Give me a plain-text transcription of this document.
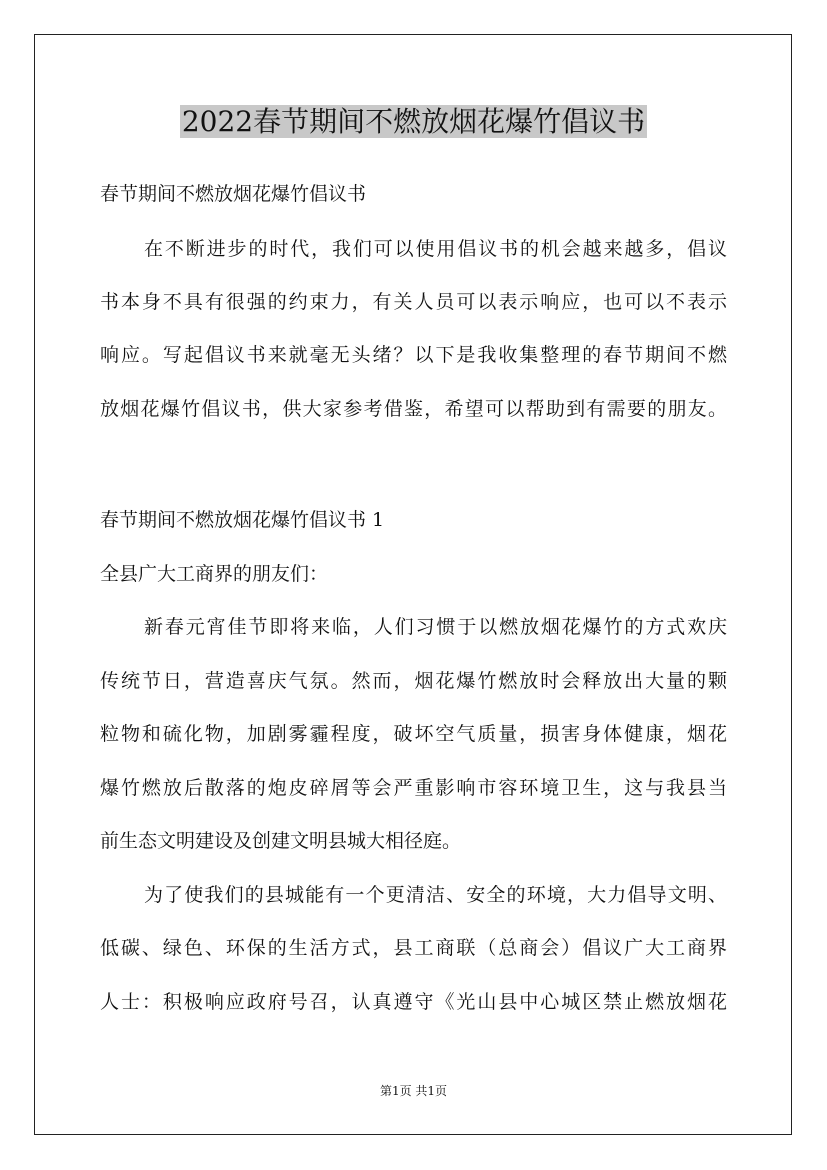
2022春节期间不燃放烟花爆竹倡议书
春节期间不燃放烟花爆竹倡议书
在不断进步的时代，我们可以使用倡议书的机会越来越多，倡议
书本身不具有很强的约束力，有关人员可以表示响应，也可以不表示
响应。写起倡议书来就毫无头绪？以下是我收集整理的春节期间不燃
放烟花爆竹倡议书，供大家参考借鉴，希望可以帮助到有需要的朋友。
春节期间不燃放烟花爆竹倡议书 1
全县广大工商界的朋友们：
新春元宵佳节即将来临，人们习惯于以燃放烟花爆竹的方式欢庆
传统节日，营造喜庆气氛。然而，烟花爆竹燃放时会释放出大量的颗
粒物和硫化物，加剧雾霾程度，破坏空气质量，损害身体健康，烟花
爆竹燃放后散落的炮皮碎屑等会严重影响市容环境卫生，这与我县当
前生态文明建设及创建文明县城大相径庭。
为了使我们的县城能有一个更清洁、安全的环境，大力倡导文明、
低碳、绿色、环保的生活方式，县工商联（总商会）倡议广大工商界
人士：积极响应政府号召，认真遵守《光山县中心城区禁止燃放烟花
第1页 共1页
